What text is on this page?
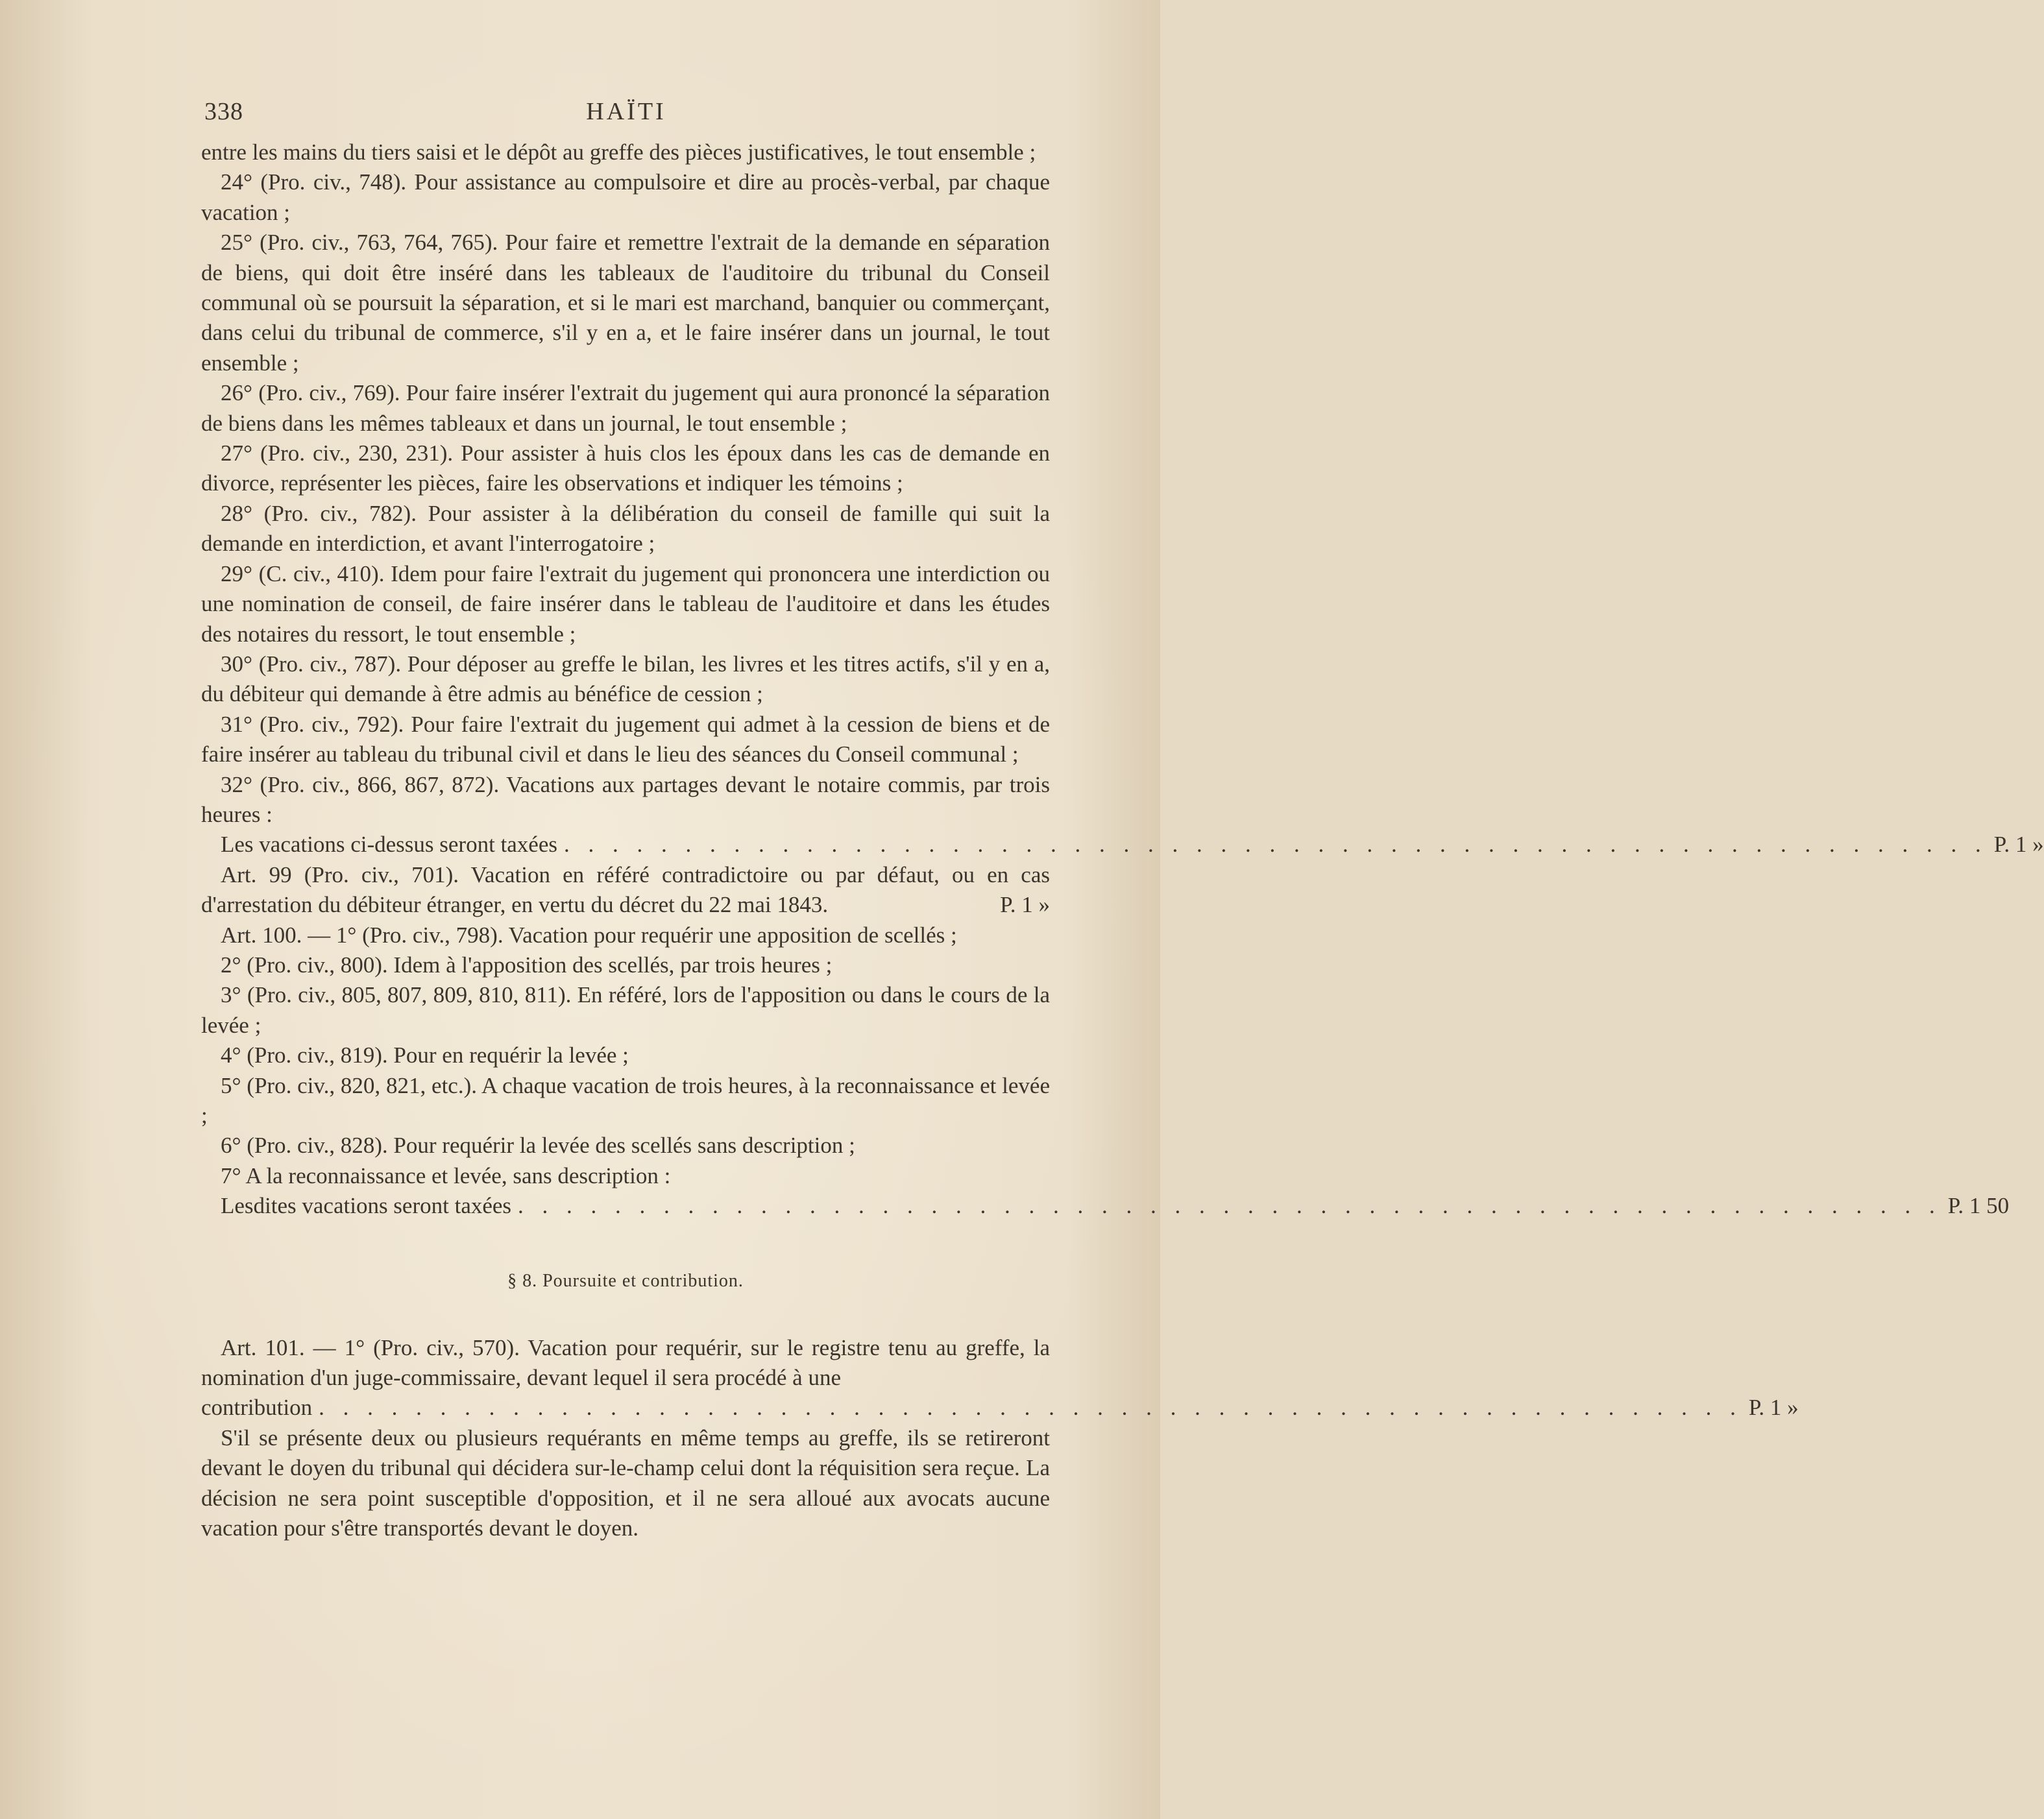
338	HAÏTI

entre les mains du tiers saisi et le dépôt au greffe des pièces justificatives, le tout ensemble ;

24° (Pro. civ., 748). Pour assistance au compulsoire et dire au procès-verbal, par chaque vacation ;

25° (Pro. civ., 763, 764, 765). Pour faire et remettre l'extrait de la demande en séparation de biens, qui doit être inséré dans les tableaux de l'auditoire du tribunal du Conseil communal où se poursuit la séparation, et si le mari est marchand, banquier ou commerçant, dans celui du tribunal de commerce, s'il y en a, et le faire insérer dans un journal, le tout ensemble ;

26° (Pro. civ., 769). Pour faire insérer l'extrait du jugement qui aura prononcé la séparation de biens dans les mêmes tableaux et dans un journal, le tout ensemble ;

27° (Pro. civ., 230, 231). Pour assister à huis clos les époux dans les cas de demande en divorce, représenter les pièces, faire les observations et indiquer les témoins ;

28° (Pro. civ., 782). Pour assister à la délibération du conseil de famille qui suit la demande en interdiction, et avant l'interrogatoire ;

29° (C. civ., 410). Idem pour faire l'extrait du jugement qui prononcera une interdiction ou une nomination de conseil, de faire insérer dans le tableau de l'auditoire et dans les études des notaires du ressort, le tout ensemble ;

30° (Pro. civ., 787). Pour déposer au greffe le bilan, les livres et les titres actifs, s'il y en a, du débiteur qui demande à être admis au bénéfice de cession ;

31° (Pro. civ., 792). Pour faire l'extrait du jugement qui admet à la cession de biens et de faire insérer au tableau du tribunal civil et dans le lieu des séances du Conseil communal ;

32° (Pro. civ., 866, 867, 872). Vacations aux partages devant le notaire commis, par trois heures :

Les vacations ci-dessus seront taxées . . . . . . . . . . . . . . . . . . . . . . . . . . . . . . . . . . . . . . . . . . . . . . . . . . . . . . . . . . . P. 1 »

Art. 99 (Pro. civ., 701). Vacation en référé contradictoire ou par défaut, ou en cas d'arrestation du débiteur étranger, en vertu du décret du 22 mai 1843.	P. 1 »

Art. 100. — 1° (Pro. civ., 798). Vacation pour requérir une apposition de scellés ;

2° (Pro. civ., 800). Idem à l'apposition des scellés, par trois heures ;

3° (Pro. civ., 805, 807, 809, 810, 811). En référé, lors de l'apposition ou dans le cours de la levée ;

4° (Pro. civ., 819). Pour en requérir la levée ;

5° (Pro. civ., 820, 821, etc.). A chaque vacation de trois heures, à la reconnaissance et levée ;

6° (Pro. civ., 828). Pour requérir la levée des scellés sans description ;

7° A la reconnaissance et levée, sans description :

Lesdites vacations seront taxées . . . . . . . . . . . . . . . . . . . . . . . . . . . . . . . . . . . . . . . . . . . . . . . . . . . . . . . . . . . P. 1 50
§ 8. Poursuite et contribution.

Art. 101. — 1° (Pro. civ., 570). Vacation pour requérir, sur le registre tenu au greffe, la nomination d'un juge-commissaire, devant lequel il sera procédé à une

contribution . . . . . . . . . . . . . . . . . . . . . . . . . . . . . . . . . . . . . . . . . . . . . . . . . . . . . . . . . . . P. 1 »

S'il se présente deux ou plusieurs requérants en même temps au greffe, ils se retireront devant le doyen du tribunal qui décidera sur-le-champ celui dont la réquisition sera reçue. La décision ne sera point susceptible d'opposition, et il ne sera alloué aux avocats aucune vacation pour s'être transportés devant le doyen.
